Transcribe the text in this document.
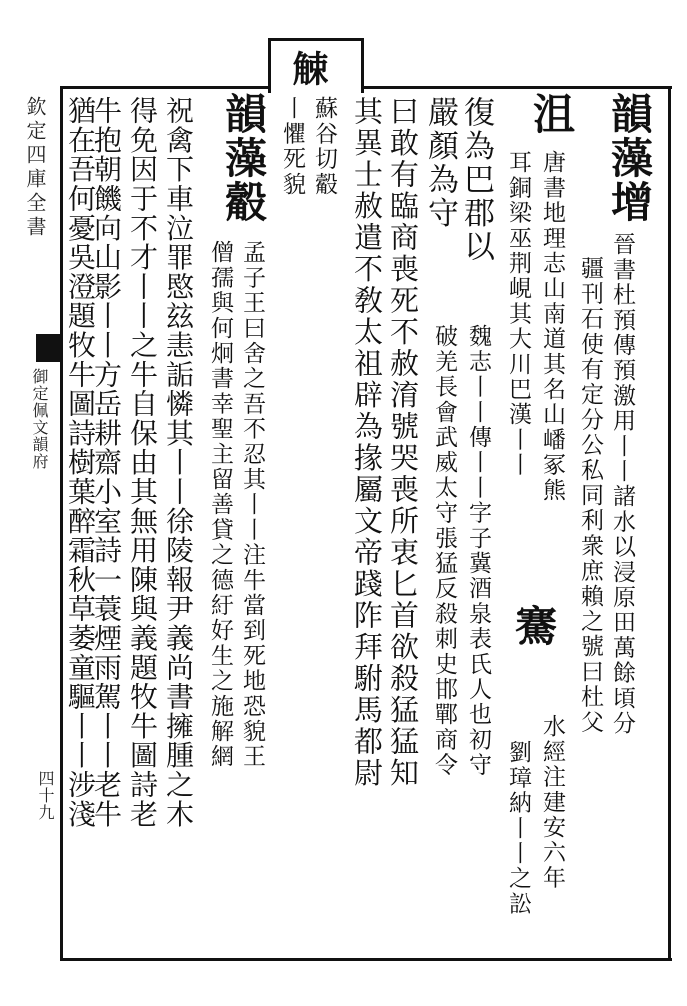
觫
欽定四庫全書
御定佩文韻府
四十九
韻藻增
晉書杜預傳預激用丨丨諸水以浸原田萬餘頃分
疆刊石使有定分公私同利衆庶賴之號曰杜父
沮
唐書地理志山南道其名山嶓冢熊
耳銅梁巫荆峴其大川巴漢丨丨
騫
水經注建安六年
劉璋納丨丨之訟
復為巴郡以
魏志丨丨傳丨丨字子冀酒泉表氏人也初守
破羌長會武威太守張猛反殺刺史邯鄲商令
嚴顏為守
曰敢有臨商喪死不赦淯號哭喪所衷匕首欲殺猛猛知
其異士赦遣不敎太祖辟為掾屬文帝踐阼拜駙馬都尉
蘇谷切觳
丨懼死貌
韻藻觳
孟子王曰舍之吾不忍其丨丨注牛當到死地恐貌王
僧孺與何炯書幸聖主留善貸之德紆好生之施解網
祝禽下車泣罪愍玆恚詬憐其丨丨徐陵報尹義尚書擁腫之木
得免因于不才丨丨之牛自保由其無用陳與義題牧牛圖詩老
牛抱朝饑向山影丨丨方岳耕齋小室詩一蓑煙雨駕丨丨老牛
猶在吾何憂吳澄題牧牛圖詩樹葉醉霜秋草萎童驅丨丨涉淺
